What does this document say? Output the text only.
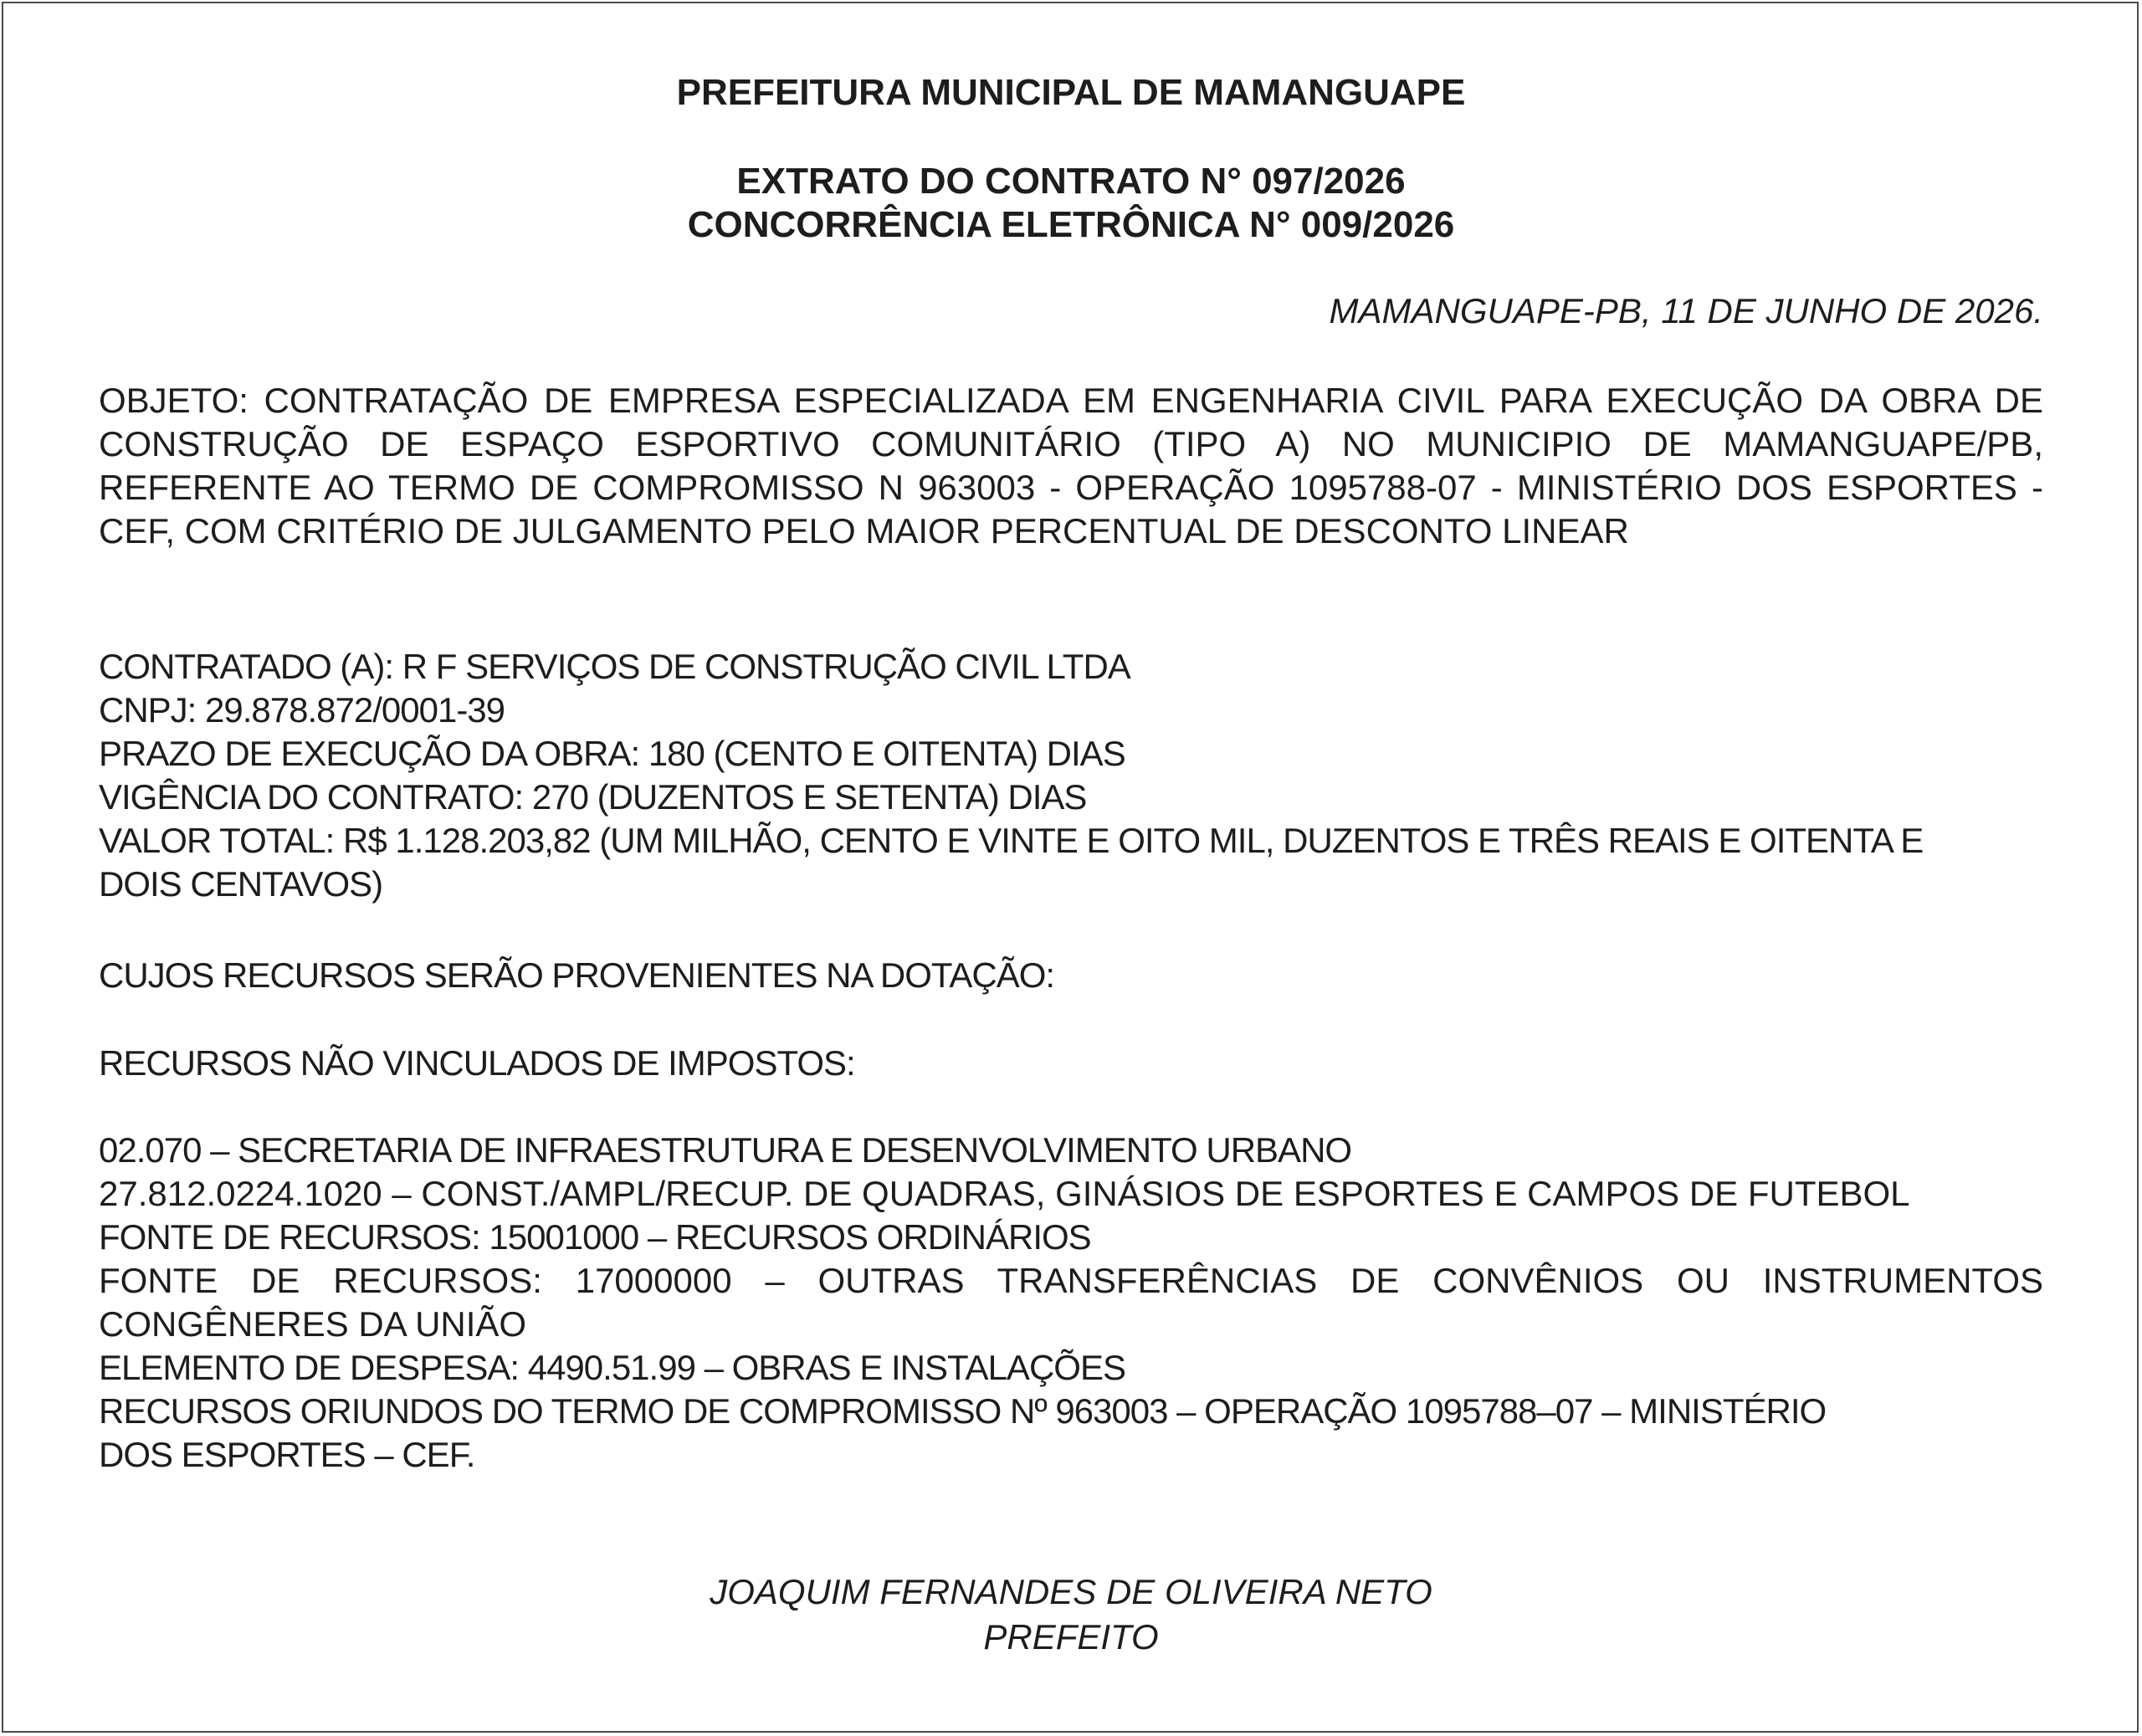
PREFEITURA MUNICIPAL DE MAMANGUAPE
EXTRATO DO CONTRATO N° 097/2026
CONCORRÊNCIA ELETRÔNICA N° 009/2026
MAMANGUAPE-PB, 11 DE JUNHO DE 2026.
OBJETO: CONTRATAÇÃO DE EMPRESA ESPECIALIZADA EM ENGENHARIA CIVIL PARA EXECUÇÃO DA OBRA DE CONSTRUÇÃO DE ESPAÇO ESPORTIVO COMUNITÁRIO (TIPO A) NO MUNICIPIO DE MAMANGUAPE/PB, REFERENTE AO TERMO DE COMPROMISSO N 963003 - OPERAÇÃO 1095788-07 - MINISTÉRIO DOS ESPORTES - CEF, COM CRITÉRIO DE JULGAMENTO PELO MAIOR PERCENTUAL DE DESCONTO LINEAR
CONTRATADO (A): R F SERVIÇOS DE CONSTRUÇÃO CIVIL LTDA
CNPJ: 29.878.872/0001-39
PRAZO DE EXECUÇÃO DA OBRA: 180 (CENTO E OITENTA) DIAS
VIGÊNCIA DO CONTRATO: 270 (DUZENTOS E SETENTA) DIAS
VALOR TOTAL: R$ 1.128.203,82 (UM MILHÃO, CENTO E VINTE E OITO MIL, DUZENTOS E TRÊS REAIS E OITENTA E DOIS CENTAVOS)
CUJOS RECURSOS SERÃO PROVENIENTES NA DOTAÇÃO:
RECURSOS NÃO VINCULADOS DE IMPOSTOS:
02.070 – SECRETARIA DE INFRAESTRUTURA E DESENVOLVIMENTO URBANO
27.812.0224.1020 – CONST./AMPL/RECUP. DE QUADRAS, GINÁSIOS DE ESPORTES E CAMPOS DE FUTEBOL
FONTE DE RECURSOS: 15001000 – RECURSOS ORDINÁRIOS
FONTE DE RECURSOS: 17000000 – OUTRAS TRANSFERÊNCIAS DE CONVÊNIOS OU INSTRUMENTOS CONGÊNERES DA UNIÃO
ELEMENTO DE DESPESA: 4490.51.99 – OBRAS E INSTALAÇÕES
RECURSOS ORIUNDOS DO TERMO DE COMPROMISSO Nº 963003 – OPERAÇÃO 1095788–07 – MINISTÉRIO DOS ESPORTES – CEF.
JOAQUIM FERNANDES DE OLIVEIRA NETO
PREFEITO
